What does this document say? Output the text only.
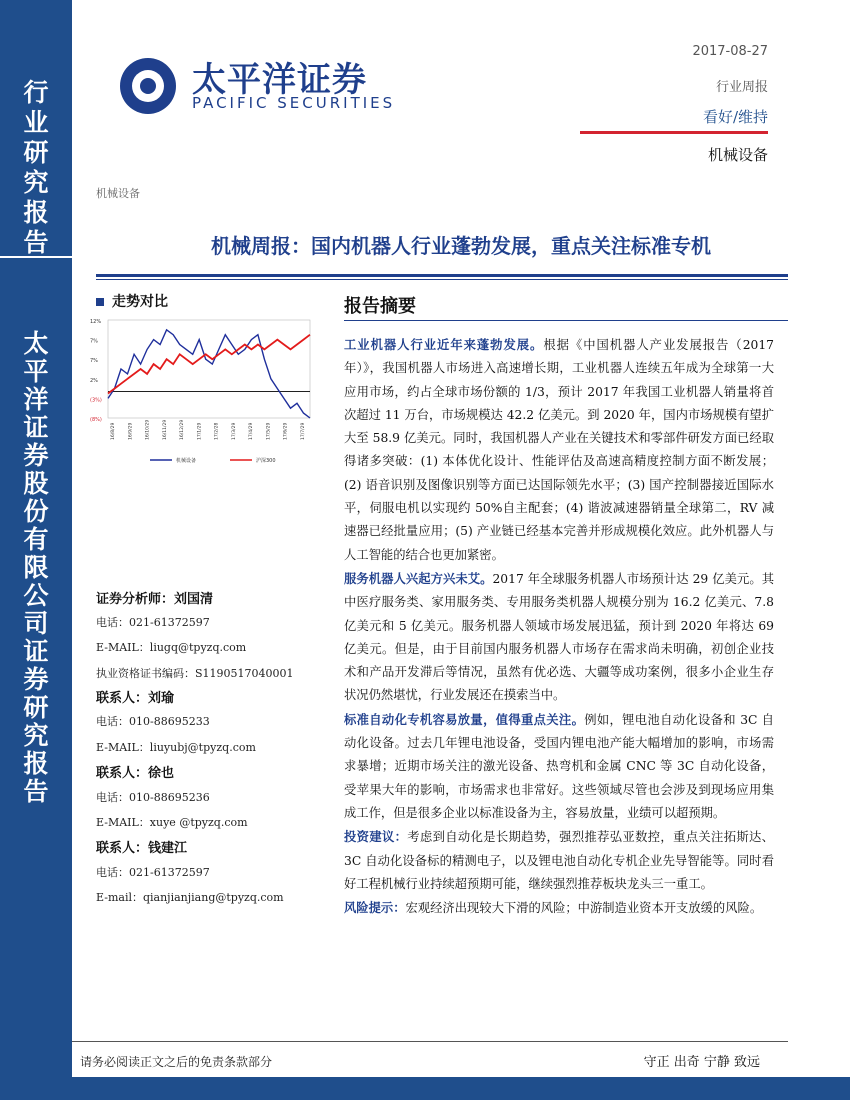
行
业
研
究
报
告
太
平
洋
证
券
股
份
有
限
公
司
证
券
研
究
报
告
太平洋证券
PACIFIC SECURITIES
2017-08-27
行业周报
看好/维持
机械设备
机械设备
机械周报：国内机器人行业蓬勃发展，重点关注标准专机
走势对比
12%
7%
7%
2%
(3%)
(8%)
16/8/29	16/9/29	16/10/29	16/11/29	16/12/29	17/1/29	17/2/28	17/3/29	17/4/29	17/5/29	17/6/29	17/7/29
机械设备	沪深300
证券分析师：刘国清
电话：021-61372597
E-MAIL：liugq@tpyzq.com
执业资格证书编码：S1190517040001
联系人：刘瑜
电话：010-88695233
E-MAIL：liuyubj@tpyzq.com
联系人：徐也
电话：010-88695236
E-MAIL：xuye @tpyzq.com
联系人：钱建江
电话：021-61372597
E-mail：qianjianjiang@tpyzq.com
报告摘要

工业机器人行业近年来蓬勃发展。根据《中国机器人产业发展报告（2017 年）》，我国机器人市场进入高速增长期，工业机器人连续五年成为全球第一大应用市场，约占全球市场份额的 1/3，预计 2017 年我国工业机器人销量将首次超过 11 万台，市场规模达 42.2 亿美元。到 2020 年，国内市场规模有望扩大至 58.9 亿美元。同时，我国机器人产业在关键技术和零部件研发方面已经取得诸多突破：(1) 本体优化设计、性能评估及高速高精度控制方面不断发展；(2) 语音识别及图像识别等方面已达国际领先水平；(3) 国产控制器接近国际水平，伺服电机以实现约 50%自主配套；(4) 谐波减速器销量全球第二，RV 减速器已经批量应用；(5) 产业链已经基本完善并形成规模化效应。此外机器人与人工智能的结合也更加紧密。

服务机器人兴起方兴未艾。2017 年全球服务机器人市场预计达 29 亿美元。其中医疗服务类、家用服务类、专用服务类机器人规模分别为 16.2 亿美元、7.8 亿美元和 5 亿美元。服务机器人领域市场发展迅猛，预计到 2020 年将达 69 亿美元。但是，由于目前国内服务机器人市场存在需求尚未明确，初创企业技术和产品开发滞后等情况，虽然有优必选、大疆等成功案例，很多小企业生存状况仍然堪忧，行业发展还在摸索当中。

标准自动化专机容易放量，值得重点关注。例如，锂电池自动化设备和 3C 自动化设备。过去几年锂电池设备，受国内锂电池产能大幅增加的影响，市场需求暴增；近期市场关注的激光设备、热弯机和金属 CNC 等 3C 自动化设备，受苹果大年的影响，市场需求也非常好。这些领域尽管也会涉及到现场应用集成工作，但是很多企业以标准设备为主，容易放量，业绩可以超预期。

投资建议：考虑到自动化是长期趋势，强烈推荐弘亚数控，重点关注拓斯达、3C 自动化设备标的精测电子，以及锂电池自动化专机企业先导智能等。同时看好工程机械行业持续超预期可能，继续强烈推荐板块龙头三一重工。

风险提示：宏观经济出现较大下滑的风险；中游制造业资本开支放缓的风险。

请务必阅读正文之后的免责条款部分	守正 出奇 宁静 致远
